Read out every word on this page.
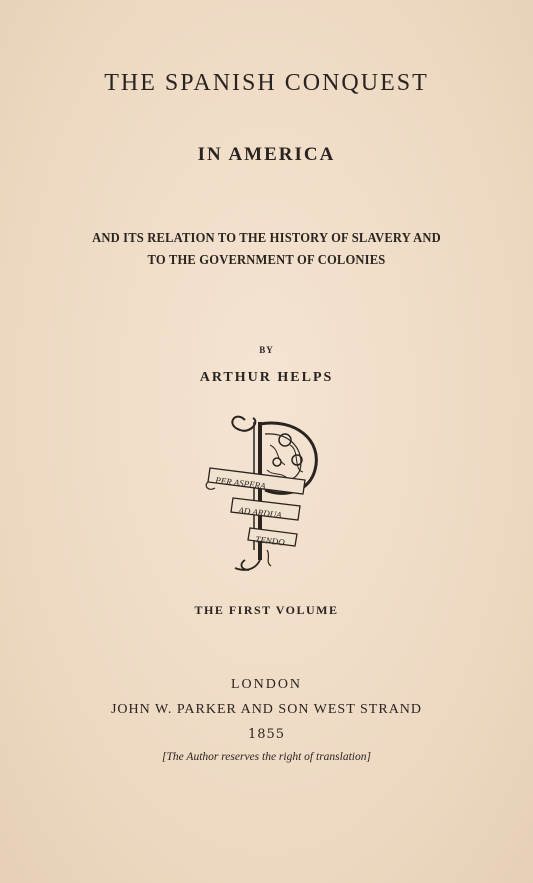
THE SPANISH CONQUEST
IN AMERICA
AND ITS RELATION TO THE HISTORY OF SLAVERY AND
TO THE GOVERNMENT OF COLONIES
BY
ARTHUR HELPS
PER ASPERA
AD ARDUA
TENDO
THE FIRST VOLUME
LONDON
JOHN W. PARKER AND SON WEST STRAND
1855
[The Author reserves the right of translation]
